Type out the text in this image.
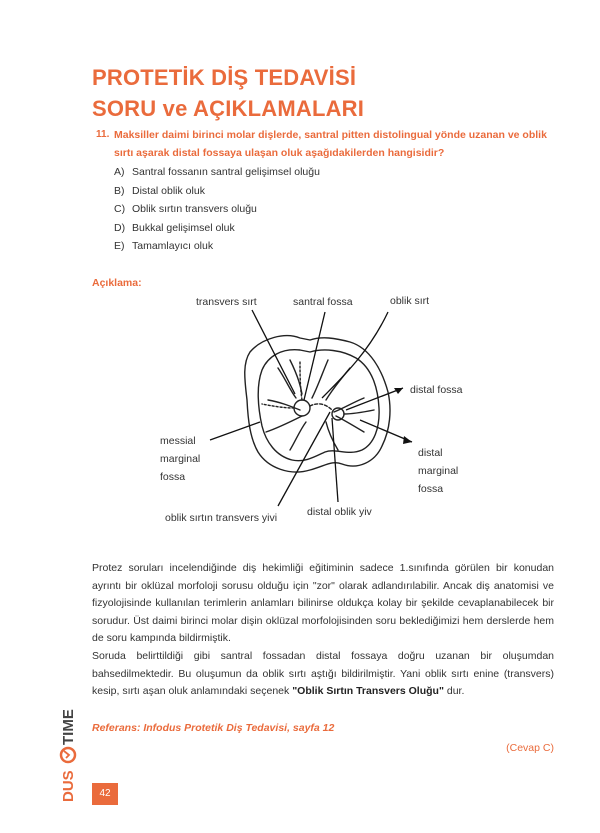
PROTETİK DİŞ TEDAVİSİ
SORU ve AÇIKLAMALARI
11. Maksiller daimi birinci molar dişlerde, santral pitten distolingual yönde uzanan ve oblik sırtı aşarak distal fossaya ulaşan oluk aşağıdakilerden hangisidir?
A) Santral fossanın santral gelişimsel oluğu
B) Distal oblik oluk
C) Oblik sırtın transvers oluğu
D) Bukkal gelişimsel oluk
E) Tamamlayıcı oluk
Açıklama:
transvers sırt	santral fossa	oblik sırt
distal fossa
messial
marginal
fossa
distal
marginal
fossa
oblik sırtın transvers yivi	distal oblik yiv

Protez soruları incelendiğinde diş hekimliği eğitiminin sadece 1.sınıfında görülen bir konudan ayrıntı bir oklüzal morfoloji sorusu olduğu için "zor" olarak adlandırılabilir. Ancak diş anatomisi ve fizyolojisinde kullanılan terimlerin anlamları bilinirse oldukça kolay bir şekilde cevaplanabilecek bir sorudur. Üst daimi birinci molar dişin oklüzal morfolojisinden soru beklediğimizi hem derslerde hem de soru kampında bildirmiştik.
Soruda belirttildiği gibi santral fossadan distal fossaya doğru uzanan bir oluşumdan bahsedilmektedir. Bu oluşumun da oblik sırtı aştığı bildirilmiştir. Yani oblik sırtı enine (transvers) kesip, sırtı aşan oluk anlamındaki seçenek "Oblik Sırtın Transvers Oluğu" dur.

Referans: Infodus Protetik Diş Tedavisi, sayfa 12
(Cevap C)
42
DUS
TIME
